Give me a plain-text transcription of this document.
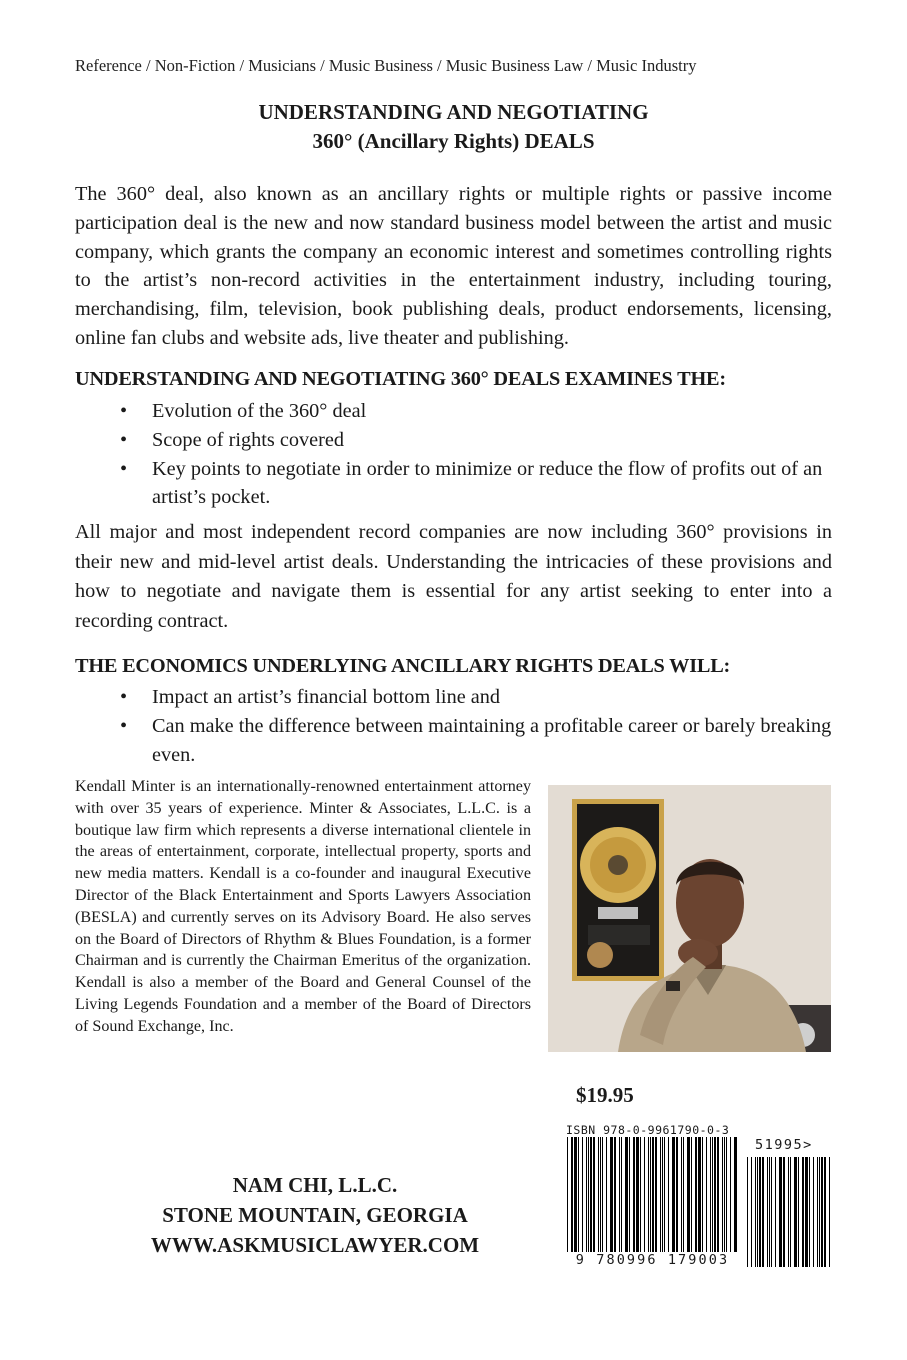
Reference / Non-Fiction / Musicians / Music Business / Music Business Law / Music Industry
UNDERSTANDING AND NEGOTIATING
360° (Ancillary Rights) DEALS

The 360° deal, also known as an ancillary rights or multiple rights or passive income participation deal is the new and now standard business model between the artist and music company, which grants the company an economic interest and sometimes controlling rights to the artist’s non-record activities in the entertainment industry, including touring, merchandising, film, television, book publishing deals, product endorsements, licensing, online fan clubs and website ads, live theater and publishing.

UNDERSTANDING AND NEGOTIATING 360° DEALS EXAMINES THE:

• Evolution of the 360° deal
• Scope of rights covered
• Key points to negotiate in order to minimize or reduce the flow of profits out of an artist’s pocket.

All major and most independent record companies are now including 360° provisions in their new and mid-level artist deals. Understanding the intricacies of these provisions and how to negotiate and navigate them is essential for any artist seeking to enter into a recording contract.

THE ECONOMICS UNDERLYING ANCILLARY RIGHTS DEALS WILL:

• Impact an artist’s financial bottom line and
• Can make the difference between maintaining a profitable career or barely breaking even.

Kendall Minter is an internationally-renowned entertainment attorney with over 35 years of experience. Minter & Associates, L.L.C. is a boutique law firm which represents a diverse international clientele in the areas of entertainment, corporate, intellectual property, sports and new media matters. Kendall is a co-founder and inaugural Executive Director of the Black Entertainment and Sports Lawyers Association (BESLA) and currently serves on its Advisory Board. He also serves on the Board of Directors of Rhythm & Blues Foundation, is a former Chairman and is currently the Chairman Emeritus of the organization. Kendall is also a member of the Board and General Counsel of the Living Legends Foundation and a member of the Board of Directors of Sound Exchange, Inc.

$19.95
ISBN 978-0-9961790-0-3
9 780996 179003
51995>
NAM CHI, L.L.C.
STONE MOUNTAIN, GEORGIA
WWW.ASKMUSICLAWYER.COM
